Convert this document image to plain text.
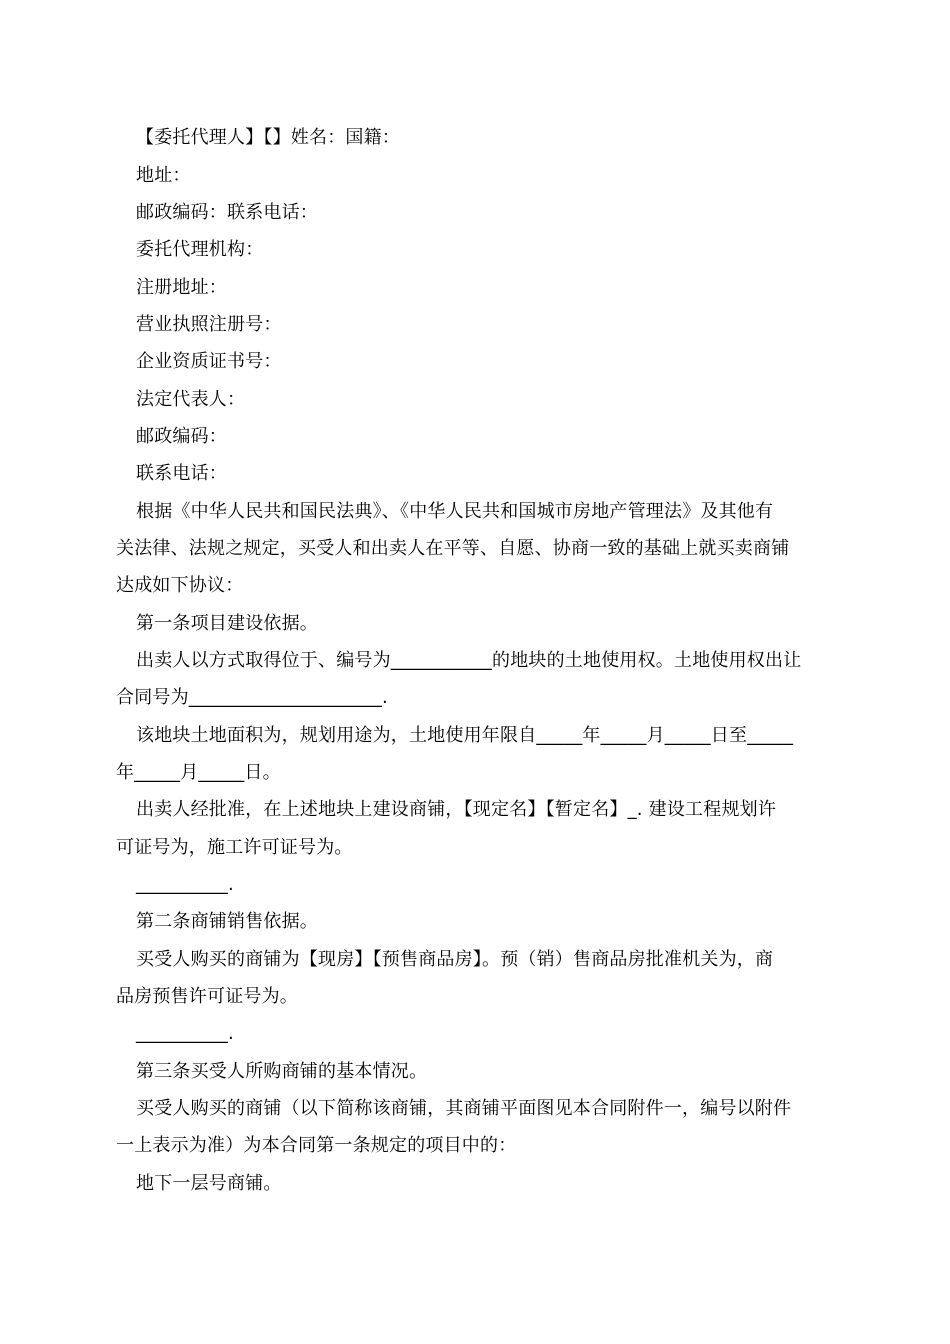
【委托代理人】【】姓名：国籍：
地址：
邮政编码：联系电话：
委托代理机构：
注册地址：
营业执照注册号：
企业资质证书号：
法定代表人：
邮政编码：
联系电话：
根据《中华人民共和国民法典》、《中华人民共和国城市房地产管理法》及其他有
关法律、法规之规定，买受人和出卖人在平等、自愿、协商一致的基础上就买卖商铺
达成如下协议：
第一条项目建设依据。
出卖人以方式取得位于、编号为___________的地块的土地使用权。土地使用权出让
合同号为_____________________.
该地块土地面积为，规划用途为，土地使用年限自_____年_____月_____日至_____
年_____月_____日。
出卖人经批准，在上述地块上建设商铺，【现定名】【暂定名】_. 建设工程规划许
可证号为，施工许可证号为。
__________.
第二条商铺销售依据。
买受人购买的商铺为【现房】【预售商品房】。预（销）售商品房批准机关为，商
品房预售许可证号为。
__________.
第三条买受人所购商铺的基本情况。
买受人购买的商铺（以下简称该商铺，其商铺平面图见本合同附件一，编号以附件
一上表示为准）为本合同第一条规定的项目中的：
地下一层号商铺。
